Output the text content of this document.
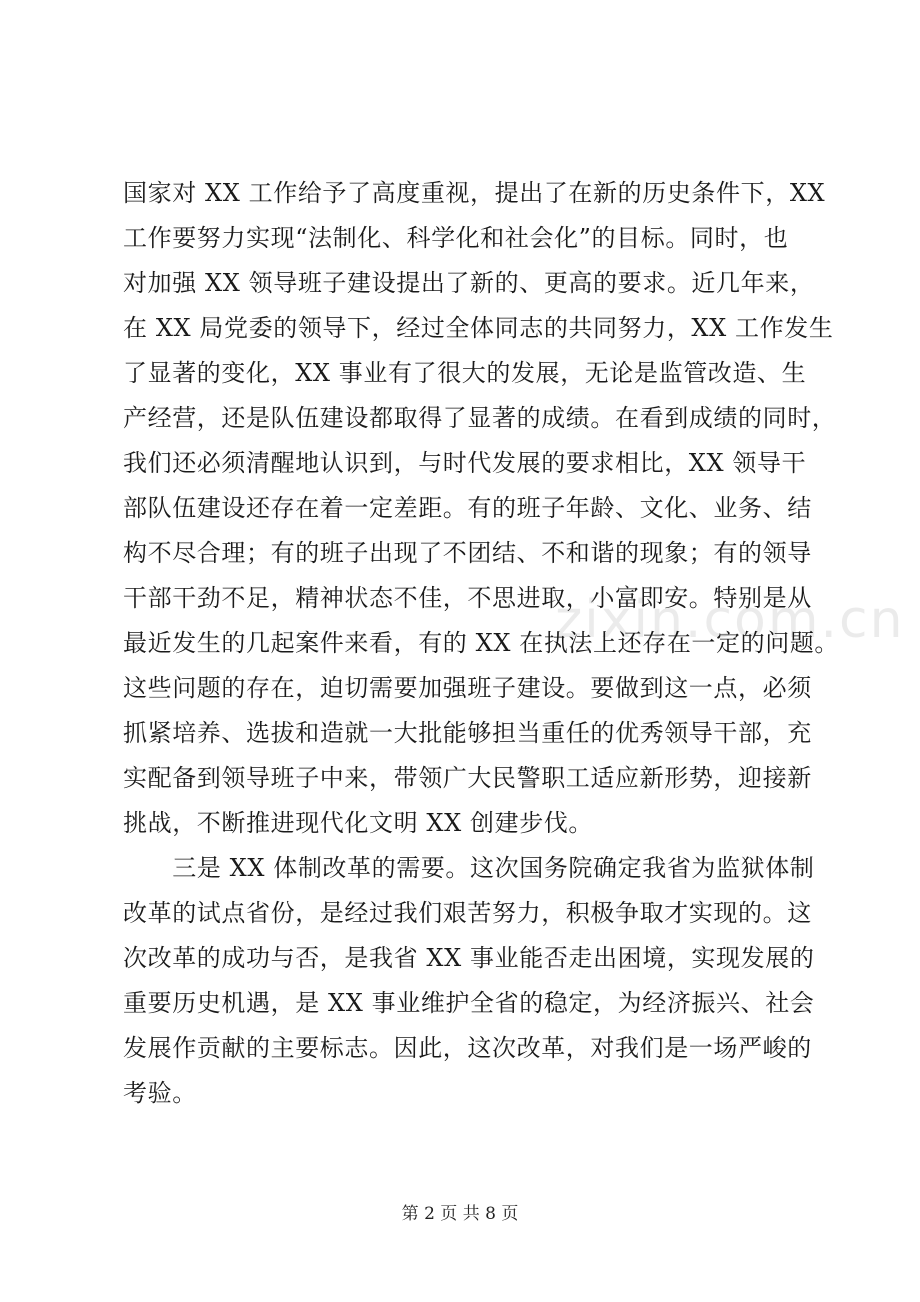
国家对 XX 工作给予了高度重视，提出了在新的历史条件下，XX
工作要努力实现“法制化、科学化和社会化”的目标。同时，也
对加强 XX 领导班子建设提出了新的、更高的要求。近几年来，
在 XX 局党委的领导下，经过全体同志的共同努力，XX 工作发生
了显著的变化，XX 事业有了很大的发展，无论是监管改造、生
产经营，还是队伍建设都取得了显著的成绩。在看到成绩的同时，
我们还必须清醒地认识到，与时代发展的要求相比，XX 领导干
部队伍建设还存在着一定差距。有的班子年龄、文化、业务、结
构不尽合理；有的班子出现了不团结、不和谐的现象；有的领导
干部干劲不足，精神状态不佳，不思进取，小富即安。特别是从
最近发生的几起案件来看，有的 XX 在执法上还存在一定的问题。
这些问题的存在，迫切需要加强班子建设。要做到这一点，必须
抓紧培养、选拔和造就一大批能够担当重任的优秀领导干部，充
实配备到领导班子中来，带领广大民警职工适应新形势，迎接新
挑战，不断推进现代化文明 XX 创建步伐。
　　三是 XX 体制改革的需要。这次国务院确定我省为监狱体制
改革的试点省份，是经过我们艰苦努力，积极争取才实现的。这
次改革的成功与否，是我省 XX 事业能否走出困境，实现发展的
重要历史机遇，是 XX 事业维护全省的稳定，为经济振兴、社会
发展作贡献的主要标志。因此，这次改革，对我们是一场严峻的
考验。
zixin.com.cn
第 2 页 共 8 页
